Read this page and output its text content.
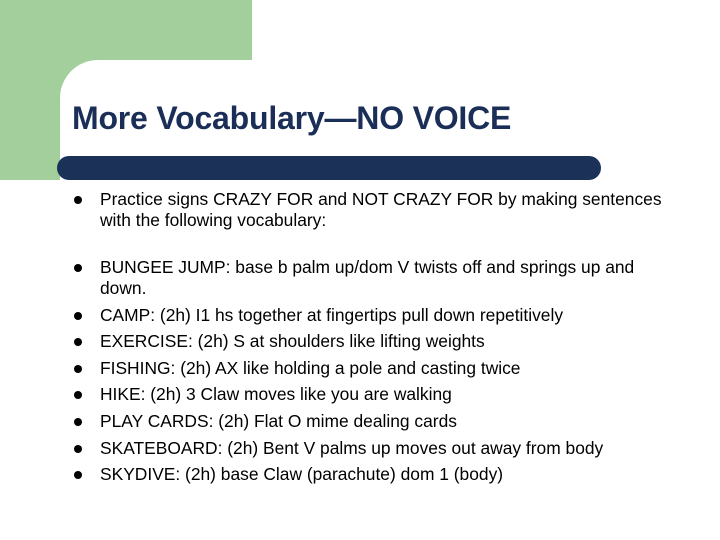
More Vocabulary—NO VOICE
Practice signs CRAZY FOR and NOT CRAZY FOR by making sentences with the following vocabulary:
BUNGEE JUMP: base b palm up/dom V twists off and springs up and down.
CAMP: (2h) I1 hs together at fingertips pull down repetitively
EXERCISE: (2h) S at shoulders like lifting weights
FISHING: (2h) AX like holding a pole and casting twice
HIKE: (2h) 3 Claw moves like you are walking
PLAY CARDS: (2h) Flat O mime dealing cards
SKATEBOARD: (2h) Bent V palms up moves out away from body
SKYDIVE: (2h) base Claw (parachute) dom 1 (body)
